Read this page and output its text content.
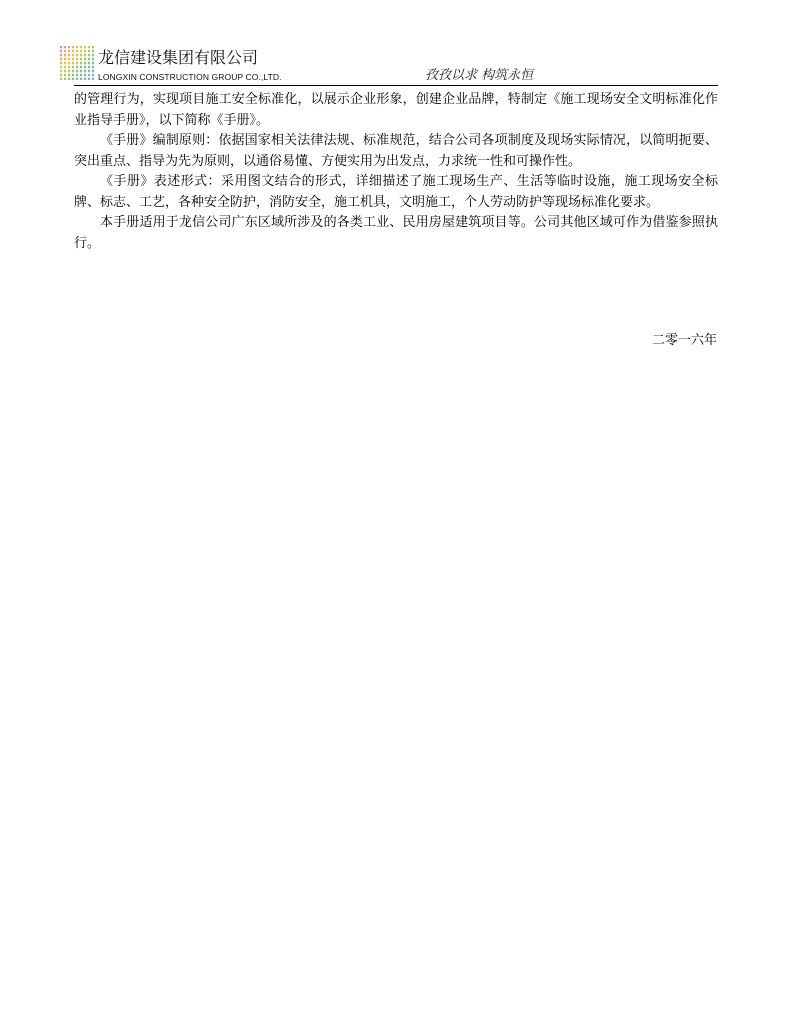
龙信建设集团有限公司
LONGXIN CONSTRUCTION GROUP CO.,LTD.	孜孜以求 构筑永恒

的管理行为，实现项目施工安全标准化，以展示企业形象，创建企业品牌，特制定《施工现场安全文明标准化作业指导手册》，以下简称《手册》。

《手册》编制原则：依据国家相关法律法规、标准规范，结合公司各项制度及现场实际情况，以简明扼要、突出重点、指导为先为原则，以通俗易懂、方便实用为出发点，力求统一性和可操作性。

《手册》表述形式：采用图文结合的形式，详细描述了施工现场生产、生活等临时设施，施工现场安全标牌、标志、工艺，各种安全防护，消防安全，施工机具，文明施工，个人劳动防护等现场标准化要求。

本手册适用于龙信公司广东区域所涉及的各类工业、民用房屋建筑项目等。公司其他区域可作为借鉴参照执行。

二零一六年
